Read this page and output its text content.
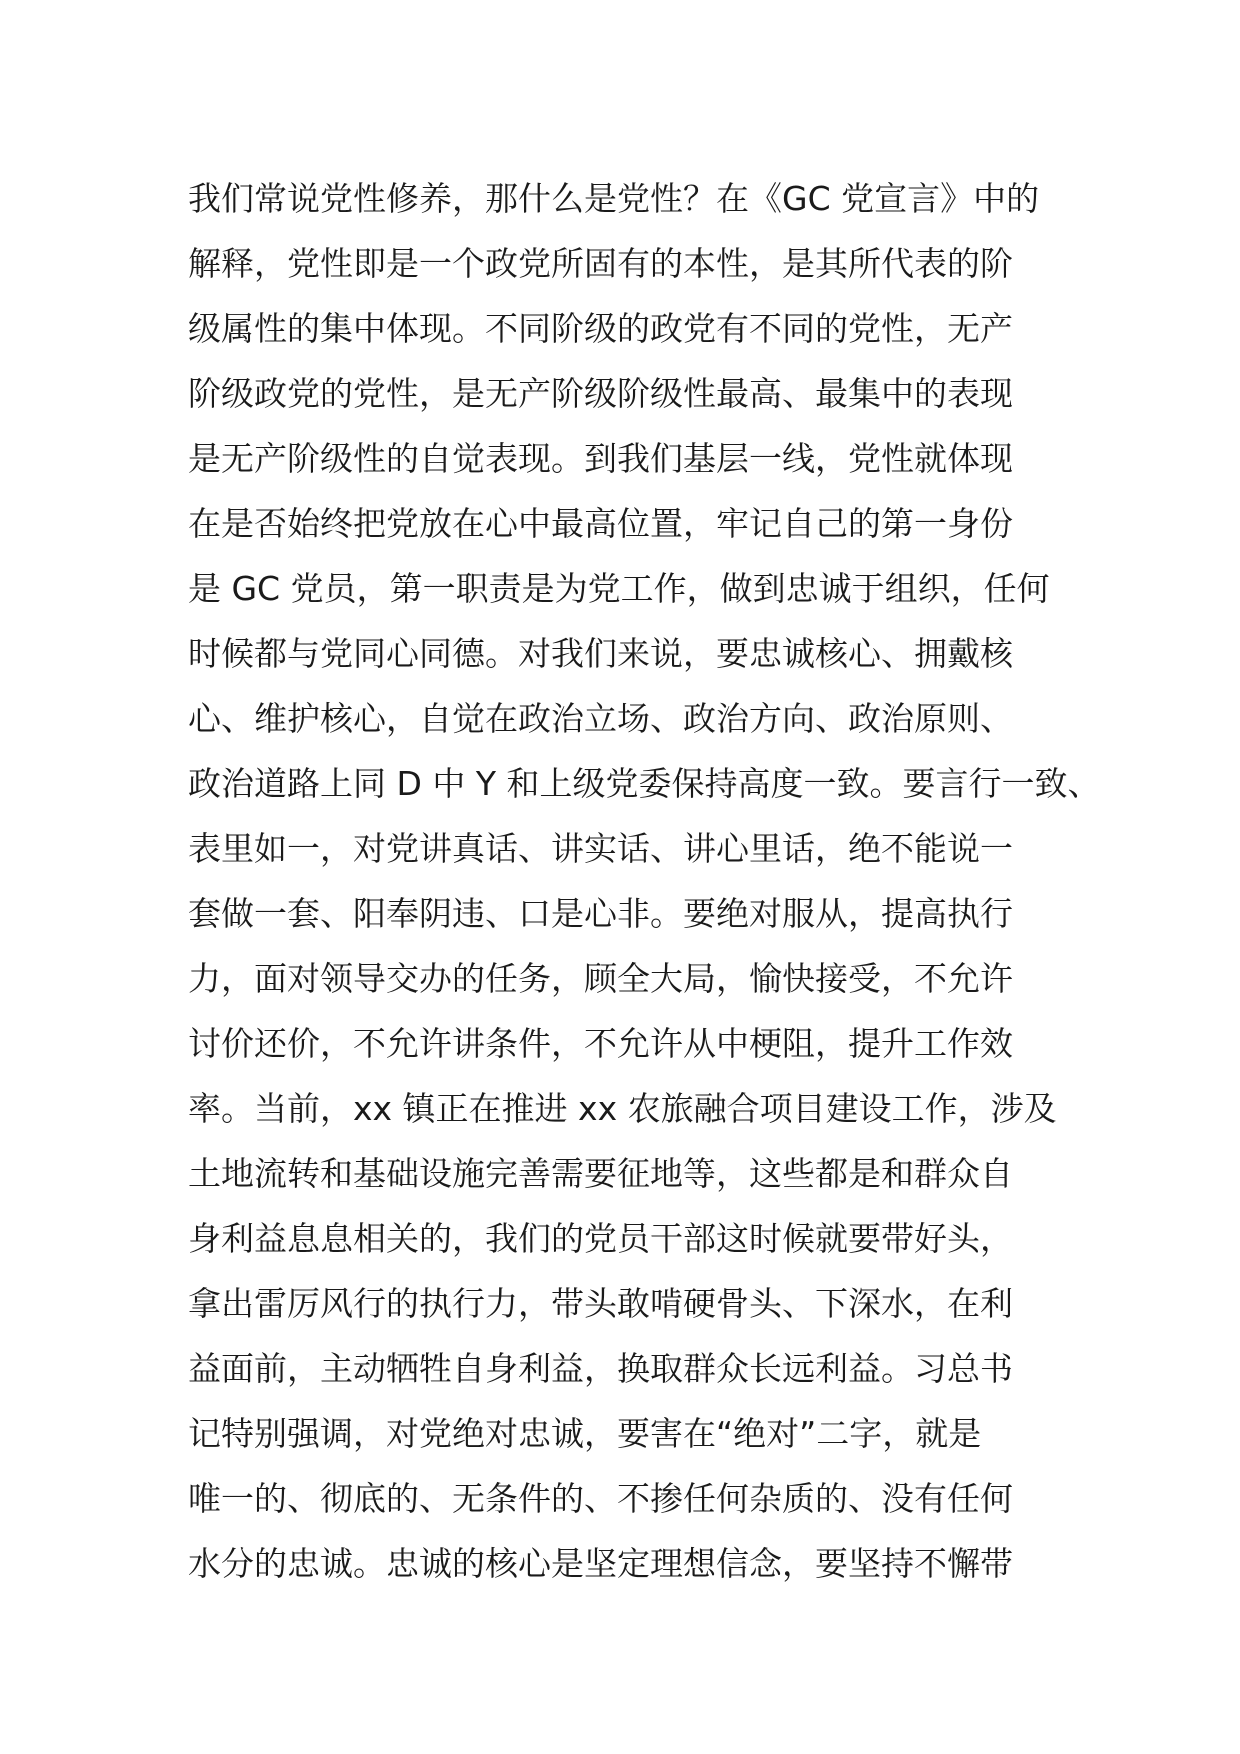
我们常说党性修养，那什么是党性？在《GC 党宣言》中的
解释，党性即是一个政党所固有的本性，是其所代表的阶
级属性的集中体现。不同阶级的政党有不同的党性，无产
阶级政党的党性，是无产阶级阶级性最高、最集中的表现
是无产阶级性的自觉表现。到我们基层一线，党性就体现
在是否始终把党放在心中最高位置，牢记自己的第一身份
是 GC 党员，第一职责是为党工作，做到忠诚于组织，任何
时候都与党同心同德。对我们来说，要忠诚核心、拥戴核
心、维护核心，自觉在政治立场、政治方向、政治原则、
政治道路上同 D 中 Y 和上级党委保持高度一致。要言行一致、
表里如一，对党讲真话、讲实话、讲心里话，绝不能说一
套做一套、阳奉阴违、口是心非。要绝对服从，提高执行
力，面对领导交办的任务，顾全大局，愉快接受，不允许
讨价还价，不允许讲条件，不允许从中梗阻，提升工作效
率。当前，xx 镇正在推进 xx 农旅融合项目建设工作，涉及
土地流转和基础设施完善需要征地等，这些都是和群众自
身利益息息相关的，我们的党员干部这时候就要带好头，
拿出雷厉风行的执行力，带头敢啃硬骨头、下深水，在利
益面前，主动牺牲自身利益，换取群众长远利益。习总书
记特别强调，对党绝对忠诚，要害在“绝对”二字，就是
唯一的、彻底的、无条件的、不掺任何杂质的、没有任何
水分的忠诚。忠诚的核心是坚定理想信念，要坚持不懈带
